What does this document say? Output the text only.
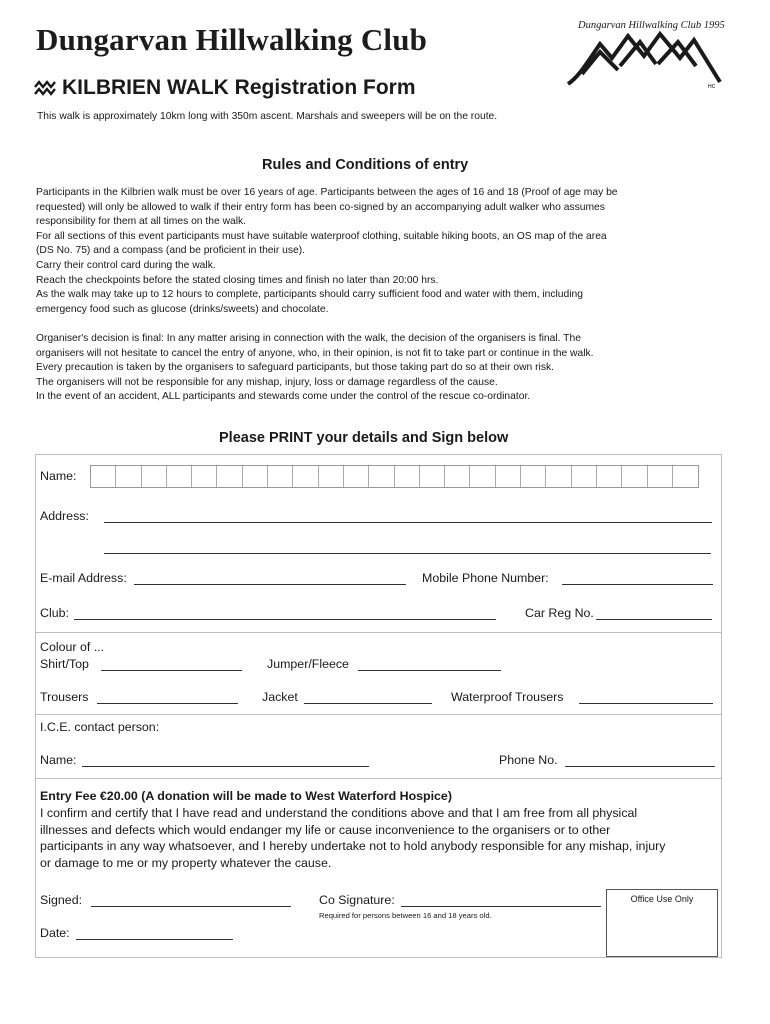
Dungarvan Hillwalking Club
KILBRIEN WALK Registration Form
This walk is approximately 10km long with 350m ascent. Marshals and sweepers will be on the route.
Dungarvan Hillwalking Club 1995
HC
Rules and Conditions of entry
Participants in the Kilbrien walk must be over 16 years of age. Participants between the ages of 16 and 18 (Proof of age may be
requested) will only be allowed to walk if their entry form has been co-signed by an accompanying adult walker who assumes
responsibility for them at all times on the walk.
For all sections of this event participants must have suitable waterproof clothing, suitable hiking boots, an OS map of the area
(DS No. 75) and a compass (and be proficient in their use).
Carry their control card during the walk.
Reach the checkpoints before the stated closing times and finish no later than 20:00 hrs.
As the walk may take up to 12 hours to complete, participants should carry sufficient food and water with them, including
emergency food such as glucose (drinks/sweets) and chocolate.
Organiser's decision is final: In any matter arising in connection with the walk, the decision of the organisers is final. The
organisers will not hesitate to cancel the entry of anyone, who, in their opinion, is not fit to take part or continue in the walk.
Every precaution is taken by the organisers to safeguard participants, but those taking part do so at their own risk.
The organisers will not be responsible for any mishap, injury, loss or damage regardless of the cause.
In the event of an accident, ALL participants and stewards come under the control of the rescue co-ordinator.
Please PRINT your details and Sign below
Name:
Address:
E-mail Address:	Mobile Phone Number:
Club:	Car Reg No.
Colour of ...
Shirt/Top	Jumper/Fleece
Trousers	Jacket	Waterproof Trousers
I.C.E. contact person:
Name:	Phone No.
Entry Fee €20.00 (A donation will be made to West Waterford Hospice)
I confirm and certify that I have read and understand the conditions above and that I am free from all physical
illnesses and defects which would endanger my life or cause inconvenience to the organisers or to other
participants in any way whatsoever, and I hereby undertake not to hold anybody responsible for any mishap, injury
or damage to me or my property whatever the cause.
Signed:	Co Signature:
Required for persons between 16 and 18 years old.
Date:
Office Use Only
